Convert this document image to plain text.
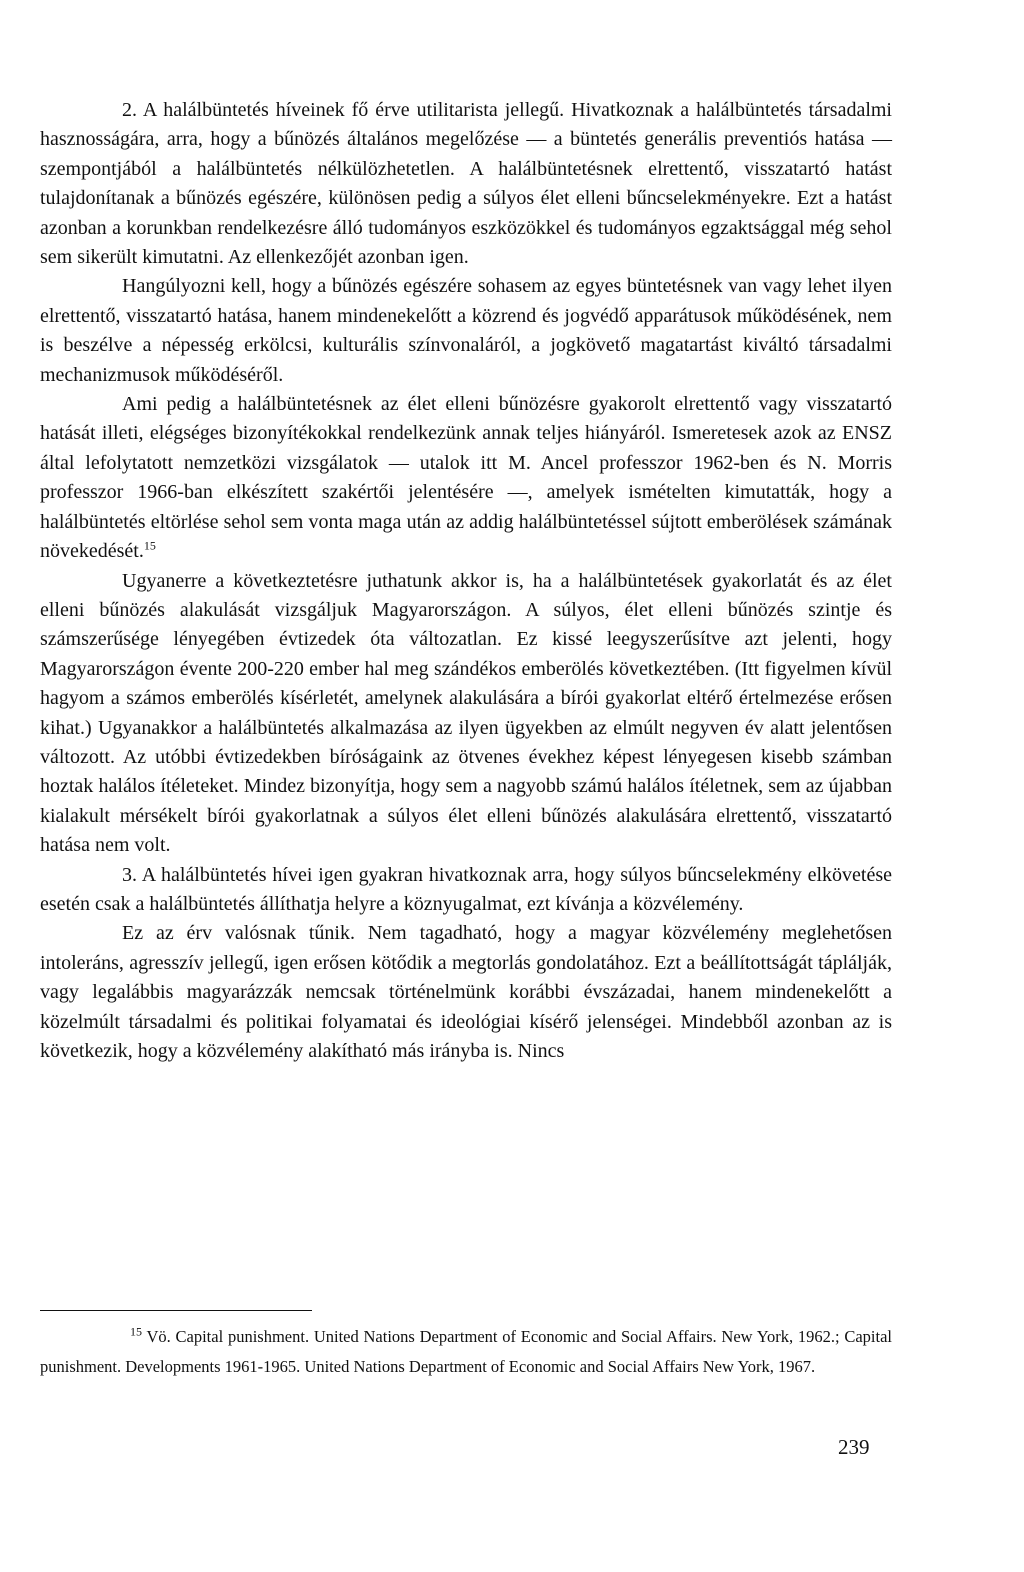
2. A halálbüntetés híveinek fő érve utilitarista jellegű. Hivatkoznak a halálbüntetés társadalmi hasznosságára, arra, hogy a bűnözés általános megelőzése — a büntetés generális preventiós hatása — szempontjából a halálbüntetés nélkülözhetetlen. A halálbüntetésnek elrettentő, visszatartó hatást tulajdonítanak a bűnözés egészére, különösen pedig a súlyos élet elleni bűncselekményekre. Ezt a hatást azonban a korunkban rendelkezésre álló tudományos eszközökkel és tudományos egzaktsággal még sehol sem sikerült kimutatni. Az ellenkezőjét azonban igen.

Hangúlyozni kell, hogy a bűnözés egészére sohasem az egyes büntetésnek van vagy lehet ilyen elrettentő, visszatartó hatása, hanem mindenekelőtt a közrend és jogvédő apparátusok működésének, nem is beszélve a népesség erkölcsi, kulturális színvonaláról, a jogkövető magatartást kiváltó társadalmi mechanizmusok működéséről.

Ami pedig a halálbüntetésnek az élet elleni bűnözésre gyakorolt elrettentő vagy visszatartó hatását illeti, elégséges bizonyítékokkal rendelkezünk annak teljes hiányáról. Ismeretesek azok az ENSZ által lefolytatott nemzetközi vizsgálatok — utalok itt M. Ancel professzor 1962-ben és N. Morris professzor 1966-ban elkészített szakértői jelentésére —, amelyek ismételten kimutatták, hogy a halálbüntetés eltörlése sehol sem vonta maga után az addig halálbüntetéssel sújtott emberölések számának növekedését.$^{15}$

Ugyanerre a következtetésre juthatunk akkor is, ha a halálbüntetések gyakorlatát és az élet elleni bűnözés alakulását vizsgáljuk Magyarországon. A súlyos, élet elleni bűnözés szintje és számszerűsége lényegében évtizedek óta változatlan. Ez kissé leegyszerűsítve azt jelenti, hogy Magyarországon évente 200-220 ember hal meg szándékos emberölés következtében. (Itt figyelmen kívül hagyom a számos emberölés kísérletét, amelynek alakulására a bírói gyakorlat eltérő értelmezése erősen kihat.) Ugyanakkor a halálbüntetés alkalmazása az ilyen ügyekben az elmúlt negyven év alatt jelentősen változott. Az utóbbi évtizedekben bíróságaink az ötvenes évekhez képest lényegesen kisebb számban hoztak halálos ítéleteket. Mindez bizonyítja, hogy sem a nagyobb számú halálos ítéletnek, sem az újabban kialakult mérsékelt bírói gyakorlatnak a súlyos élet elleni bűnözés alakulására elrettentő, visszatartó hatása nem volt.

3. A halálbüntetés hívei igen gyakran hivatkoznak arra, hogy súlyos bűncselekmény elkövetése esetén csak a halálbüntetés állíthatja helyre a köznyugalmat, ezt kívánja a közvélemény.

Ez az érv valósnak tűnik. Nem tagadható, hogy a magyar közvélemény meglehetősen intoleráns, agresszív jellegű, igen erősen kötődik a megtorlás gondolatához. Ezt a beállítottságát táplálják, vagy legalábbis magyarázzák nemcsak történelmünk korábbi évszázadai, hanem mindenekelőtt a közelmúlt társadalmi és politikai folyamatai és ideológiai kísérő jelenségei. Mindebből azonban az is következik, hogy a közvélemény alakítható más irányba is. Nincs

$^{15}$ Vö. Capital punishment. United Nations Department of Economic and Social Affairs. New York, 1962.; Capital punishment. Developments 1961-1965. United Nations Department of Economic and Social Affairs New York, 1967.
239
